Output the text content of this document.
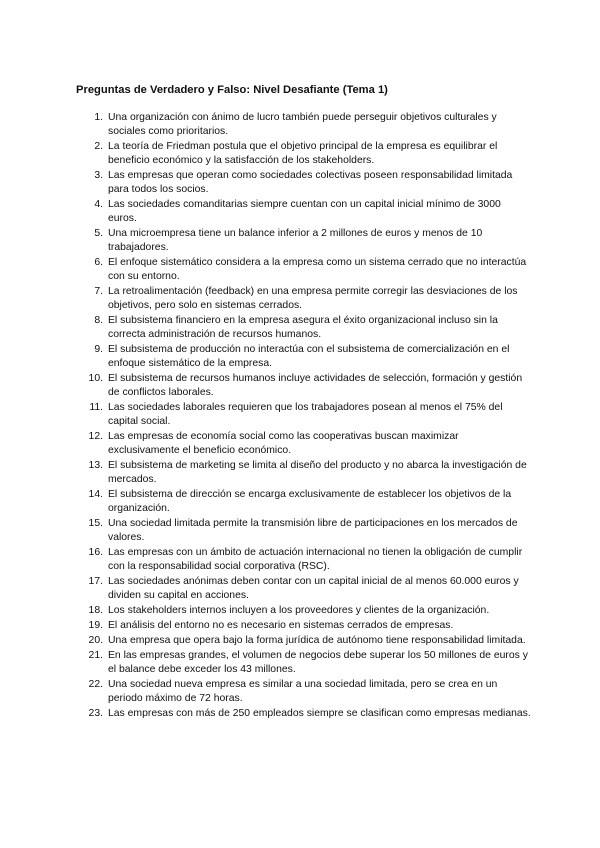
Preguntas de Verdadero y Falso: Nivel Desafiante (Tema 1)
1. Una organización con ánimo de lucro también puede perseguir objetivos culturales y sociales como prioritarios.
2. La teoría de Friedman postula que el objetivo principal de la empresa es equilibrar el beneficio económico y la satisfacción de los stakeholders.
3. Las empresas que operan como sociedades colectivas poseen responsabilidad limitada para todos los socios.
4. Las sociedades comanditarias siempre cuentan con un capital inicial mínimo de 3000 euros.
5. Una microempresa tiene un balance inferior a 2 millones de euros y menos de 10 trabajadores.
6. El enfoque sistemático considera a la empresa como un sistema cerrado que no interactúa con su entorno.
7. La retroalimentación (feedback) en una empresa permite corregir las desviaciones de los objetivos, pero solo en sistemas cerrados.
8. El subsistema financiero en la empresa asegura el éxito organizacional incluso sin la correcta administración de recursos humanos.
9. El subsistema de producción no interactúa con el subsistema de comercialización en el enfoque sistemático de la empresa.
10. El subsistema de recursos humanos incluye actividades de selección, formación y gestión de conflictos laborales.
11. Las sociedades laborales requieren que los trabajadores posean al menos el 75% del capital social.
12. Las empresas de economía social como las cooperativas buscan maximizar exclusivamente el beneficio económico.
13. El subsistema de marketing se limita al diseño del producto y no abarca la investigación de mercados.
14. El subsistema de dirección se encarga exclusivamente de establecer los objetivos de la organización.
15. Una sociedad limitada permite la transmisión libre de participaciones en los mercados de valores.
16. Las empresas con un ámbito de actuación internacional no tienen la obligación de cumplir con la responsabilidad social corporativa (RSC).
17. Las sociedades anónimas deben contar con un capital inicial de al menos 60.000 euros y dividen su capital en acciones.
18. Los stakeholders internos incluyen a los proveedores y clientes de la organización.
19. El análisis del entorno no es necesario en sistemas cerrados de empresas.
20. Una empresa que opera bajo la forma jurídica de autónomo tiene responsabilidad limitada.
21. En las empresas grandes, el volumen de negocios debe superar los 50 millones de euros y el balance debe exceder los 43 millones.
22. Una sociedad nueva empresa es similar a una sociedad limitada, pero se crea en un periodo máximo de 72 horas.
23. Las empresas con más de 250 empleados siempre se clasifican como empresas medianas.
